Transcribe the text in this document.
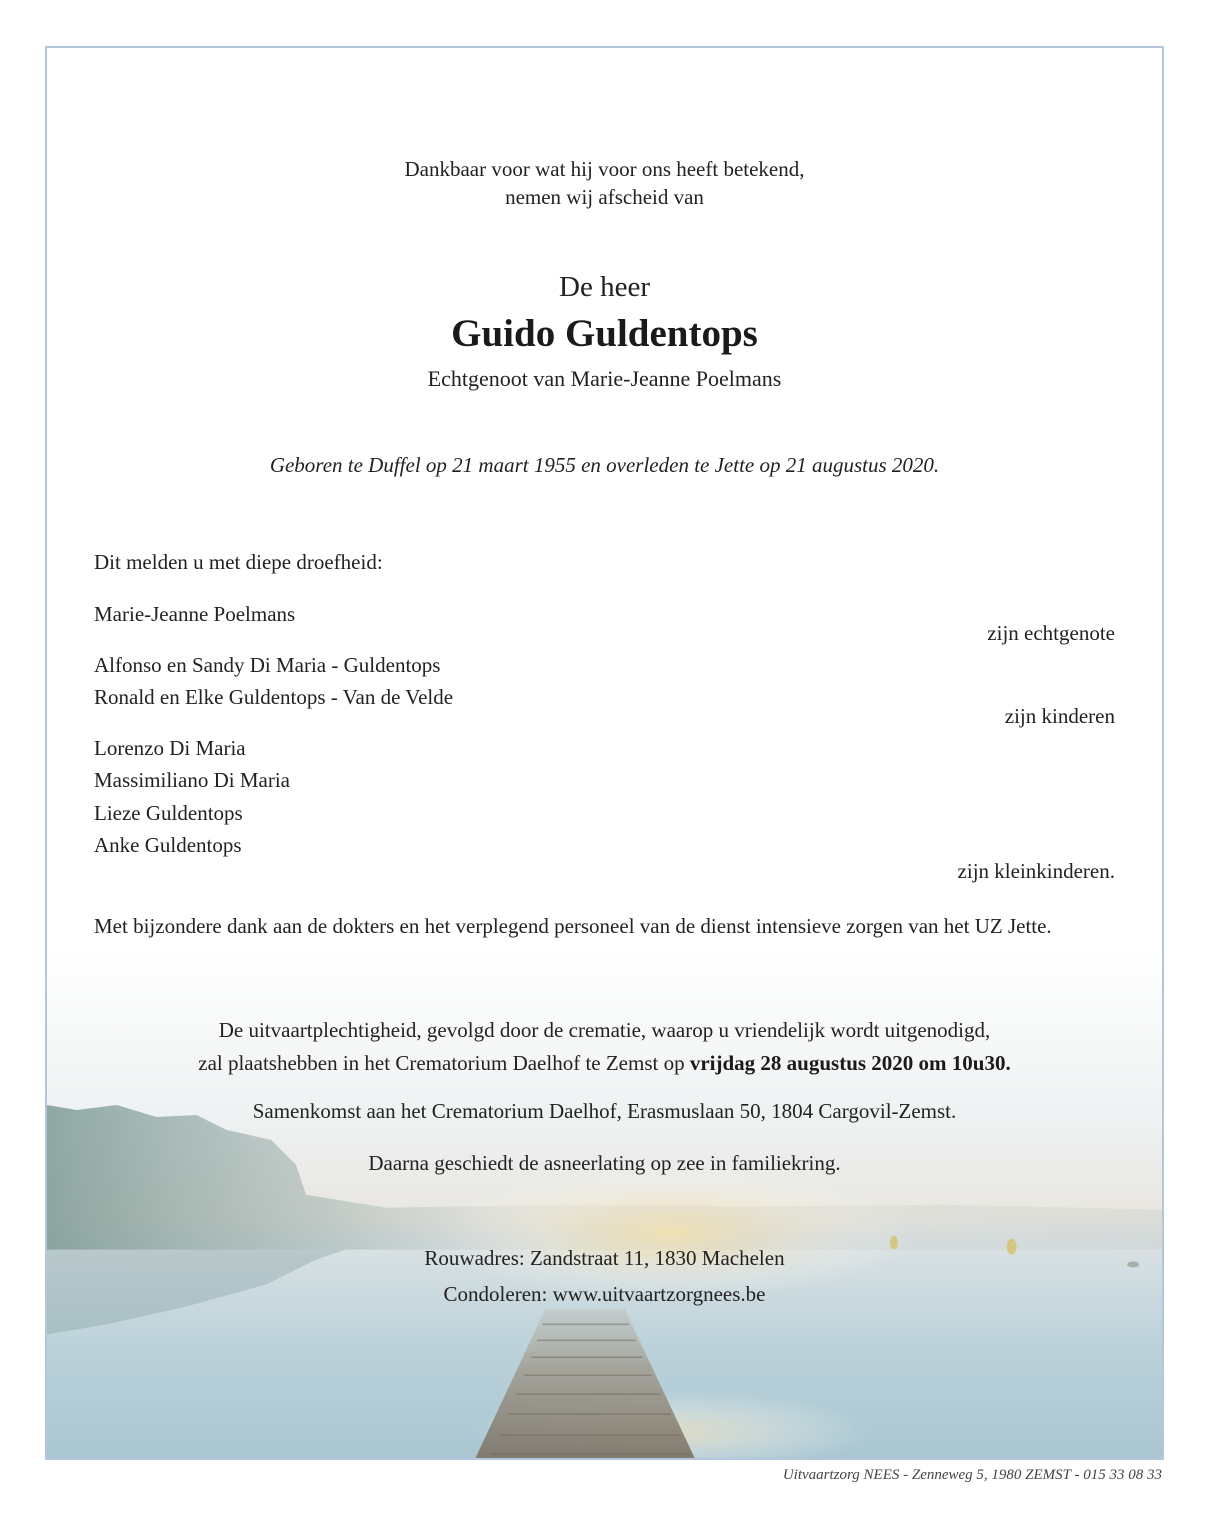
Dankbaar voor wat hij voor ons heeft betekend,
nemen wij afscheid van
De heer
Guido Guldentops
Echtgenoot van Marie-Jeanne Poelmans
Geboren te Duffel op 21 maart 1955 en overleden te Jette op 21 augustus 2020.
Dit melden u met diepe droefheid:
Marie-Jeanne Poelmans
zijn echtgenote
Alfonso en Sandy Di Maria - Guldentops
Ronald en Elke Guldentops - Van de Velde
zijn kinderen
Lorenzo Di Maria
Massimiliano Di Maria
Lieze Guldentops
Anke Guldentops
zijn kleinkinderen.
Met bijzondere dank aan de dokters en het verplegend personeel van de dienst intensieve zorgen van het UZ Jette.
De uitvaartplechtigheid, gevolgd door de crematie, waarop u vriendelijk wordt uitgenodigd,
zal plaatshebben in het Crematorium Daelhof te Zemst op vrijdag 28 augustus 2020 om 10u30.
Samenkomst aan het Crematorium Daelhof, Erasmuslaan 50, 1804 Cargovil-Zemst.
Daarna geschiedt de asneerlating op zee in familiekring.
Rouwadres: Zandstraat 11, 1830 Machelen
Condoleren: www.uitvaartzorgnees.be
Uitvaartzorg NEES - Zenneweg 5, 1980 ZEMST - 015 33 08 33
